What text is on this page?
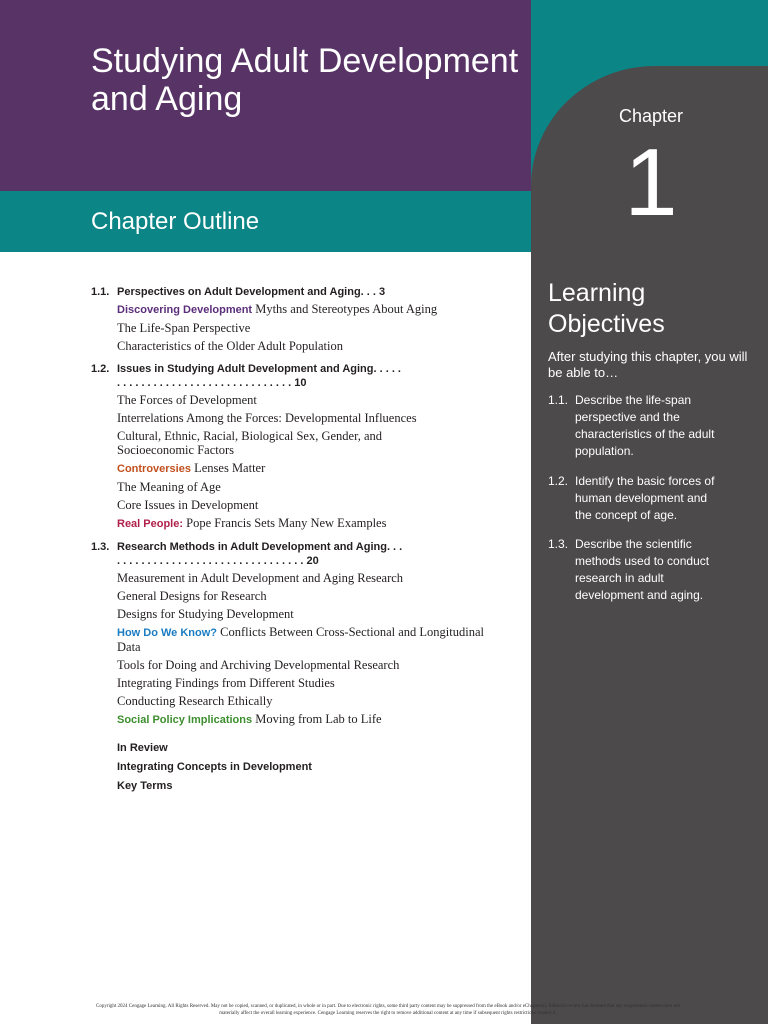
Studying Adult Development and Aging
Chapter Outline
Chapter
1
Learning Objectives
After studying this chapter, you will be able to…
1.1. Describe the life-span perspective and the characteristics of the adult population.
1.2. Identify the basic forces of human development and the concept of age.
1.3. Describe the scientific methods used to conduct research in adult development and aging.
1.1. Perspectives on Adult Development and Aging. . . 3
Discovering Development Myths and Stereotypes About Aging
The Life-Span Perspective
Characteristics of the Older Adult Population
1.2. Issues in Studying Adult Development and Aging. . . . . . . . . . . . . . . . . . . . . . . . . . . . . . . . . . 10
The Forces of Development
Interrelations Among the Forces: Developmental Influences
Cultural, Ethnic, Racial, Biological Sex, Gender, and Socioeconomic Factors
Controversies Lenses Matter
The Meaning of Age
Core Issues in Development
Real People: Pope Francis Sets Many New Examples
1.3. Research Methods in Adult Development and Aging. . . . . . . . . . . . . . . . . . . . . . . . . . . . . . . . . . 20
Measurement in Adult Development and Aging Research
General Designs for Research
Designs for Studying Development
How Do We Know? Conflicts Between Cross-Sectional and Longitudinal Data
Tools for Doing and Archiving Developmental Research
Integrating Findings from Different Studies
Conducting Research Ethically
Social Policy Implications Moving from Lab to Life
In Review
Integrating Concepts in Development
Key Terms
Copyright 2024 Cengage Learning. All Rights Reserved. May not be copied, scanned, or duplicated, in whole or in part. Due to electronic rights, some third party content may be suppressed from the eBook and/or eChapter(s). Editorial review has deemed that any suppressed content does not materially affect the overall learning experience. Cengage Learning reserves the right to remove additional content at any time if subsequent rights restrictions require it.
